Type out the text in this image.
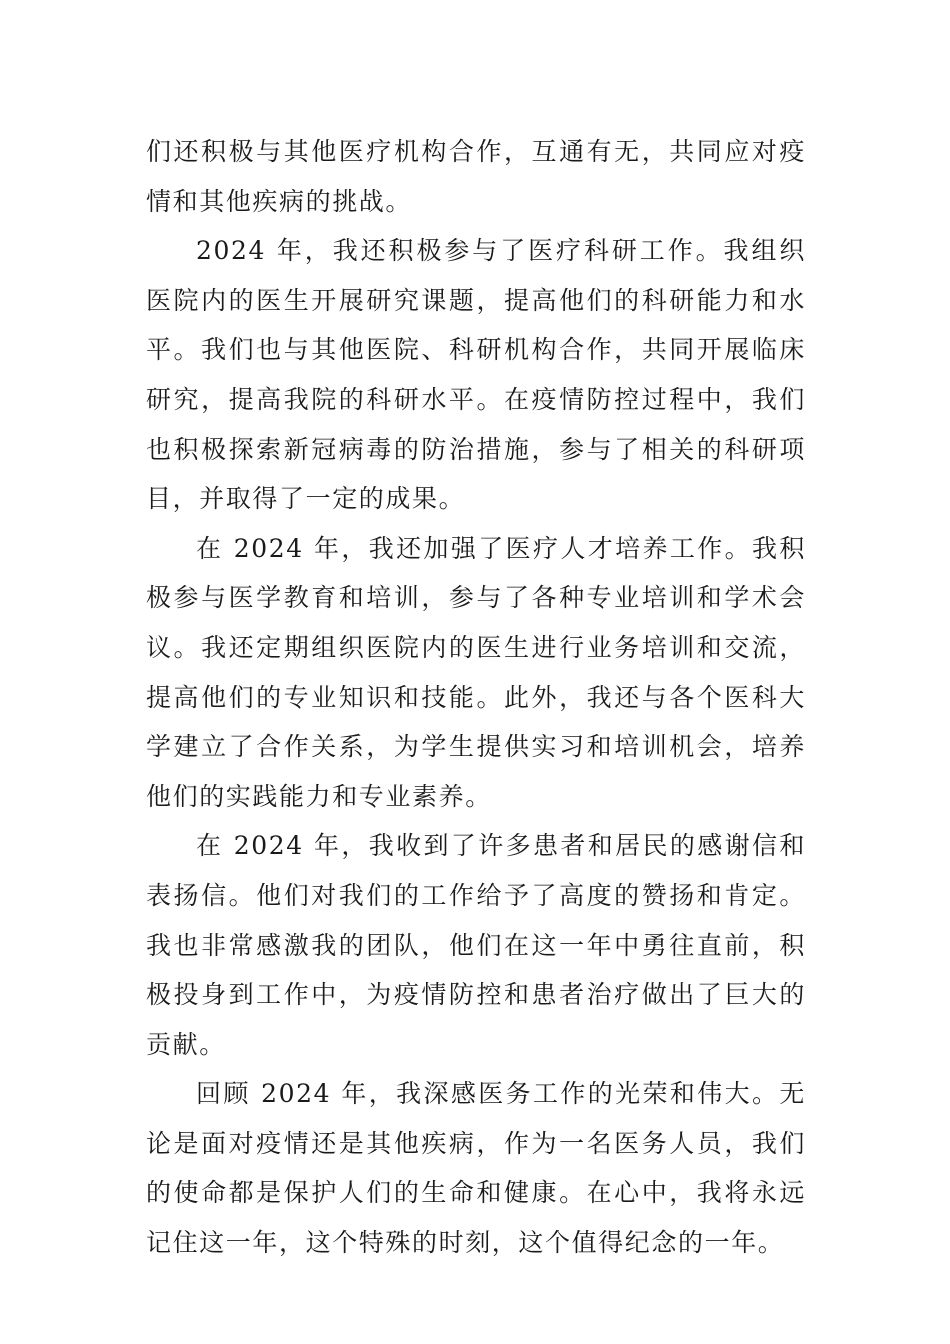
们还积极与其他医疗机构合作，互通有无，共同应对疫情和其他疾病的挑战。

2024 年，我还积极参与了医疗科研工作。我组织医院内的医生开展研究课题，提高他们的科研能力和水平。我们也与其他医院、科研机构合作，共同开展临床研究，提高我院的科研水平。在疫情防控过程中，我们也积极探索新冠病毒的防治措施，参与了相关的科研项目，并取得了一定的成果。

在 2024 年，我还加强了医疗人才培养工作。我积极参与医学教育和培训，参与了各种专业培训和学术会议。我还定期组织医院内的医生进行业务培训和交流，提高他们的专业知识和技能。此外，我还与各个医科大学建立了合作关系，为学生提供实习和培训机会，培养他们的实践能力和专业素养。

在 2024 年，我收到了许多患者和居民的感谢信和表扬信。他们对我们的工作给予了高度的赞扬和肯定。我也非常感激我的团队，他们在这一年中勇往直前，积极投身到工作中，为疫情防控和患者治疗做出了巨大的贡献。

回顾 2024 年，我深感医务工作的光荣和伟大。无论是面对疫情还是其他疾病，作为一名医务人员，我们的使命都是保护人们的生命和健康。在心中，我将永远记住这一年，这个特殊的时刻，这个值得纪念的一年。
